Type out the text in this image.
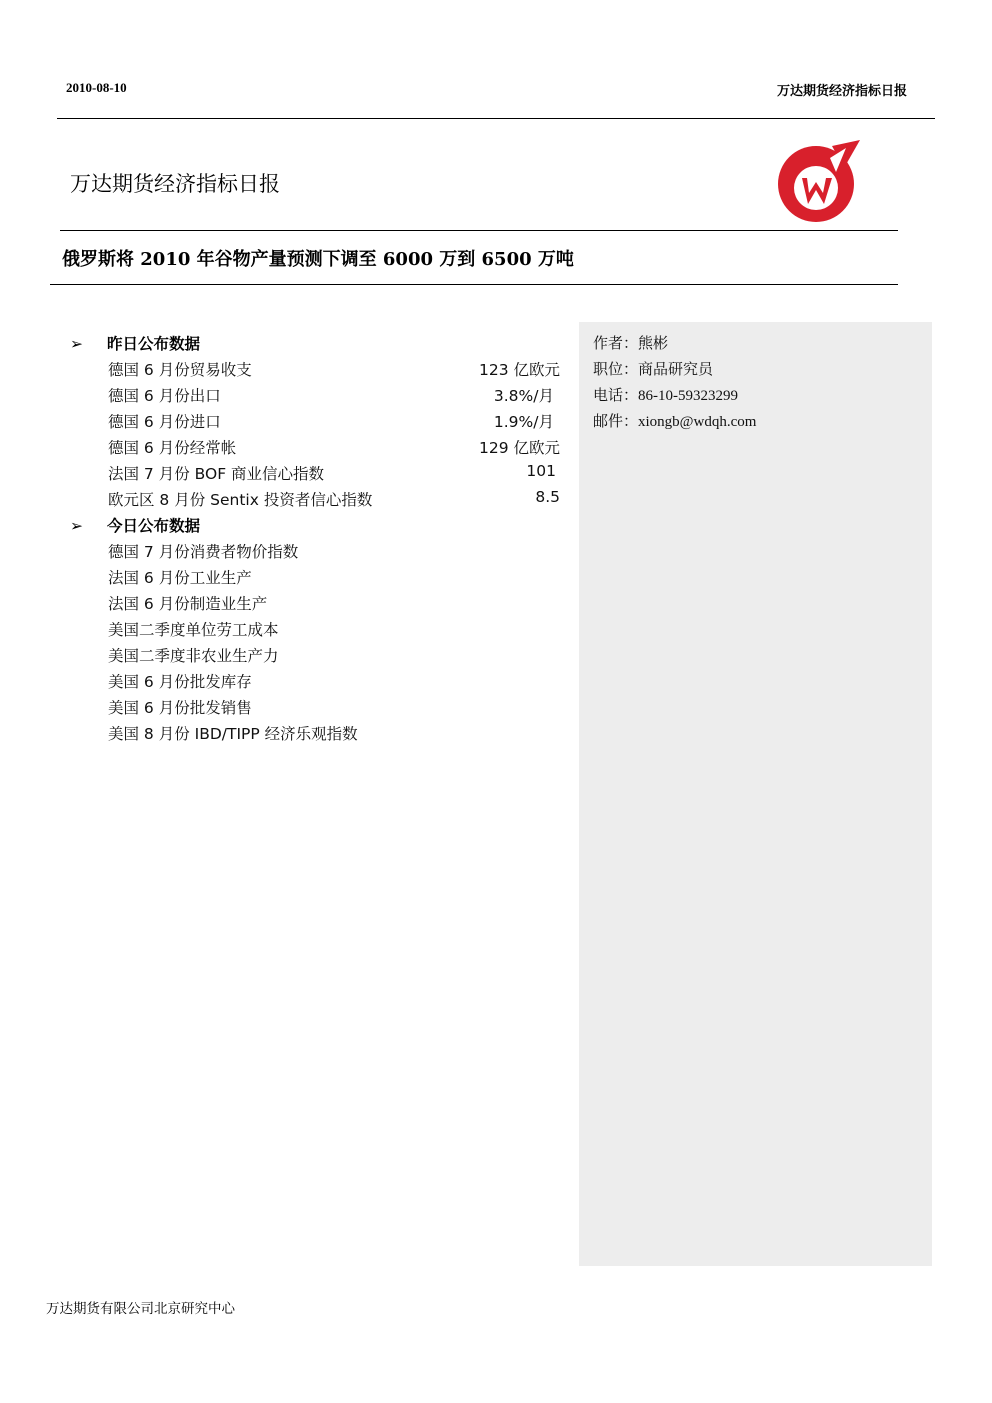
2010-08-10	万达期货经济指标日报
万达期货经济指标日报
俄罗斯将 2010 年谷物产量预测下调至 6000 万到 6500 万吨
作者：熊彬
职位：商品研究员
电话：86-10-59323299
邮件：xiongb@wdqh.com
➢ 昨日公布数据
德国 6 月份贸易收支	123 亿欧元
德国 6 月份出口	3.8%/月
德国 6 月份进口	1.9%/月
德国 6 月份经常帐	129 亿欧元
法国 7 月份 BOF 商业信心指数	101
欧元区 8 月份 Sentix 投资者信心指数	8.5
➢ 今日公布数据
德国 7 月份消费者物价指数
法国 6 月份工业生产
法国 6 月份制造业生产
美国二季度单位劳工成本
美国二季度非农业生产力
美国 6 月份批发库存
美国 6 月份批发销售
美国 8 月份 IBD/TIPP 经济乐观指数
万达期货有限公司北京研究中心
